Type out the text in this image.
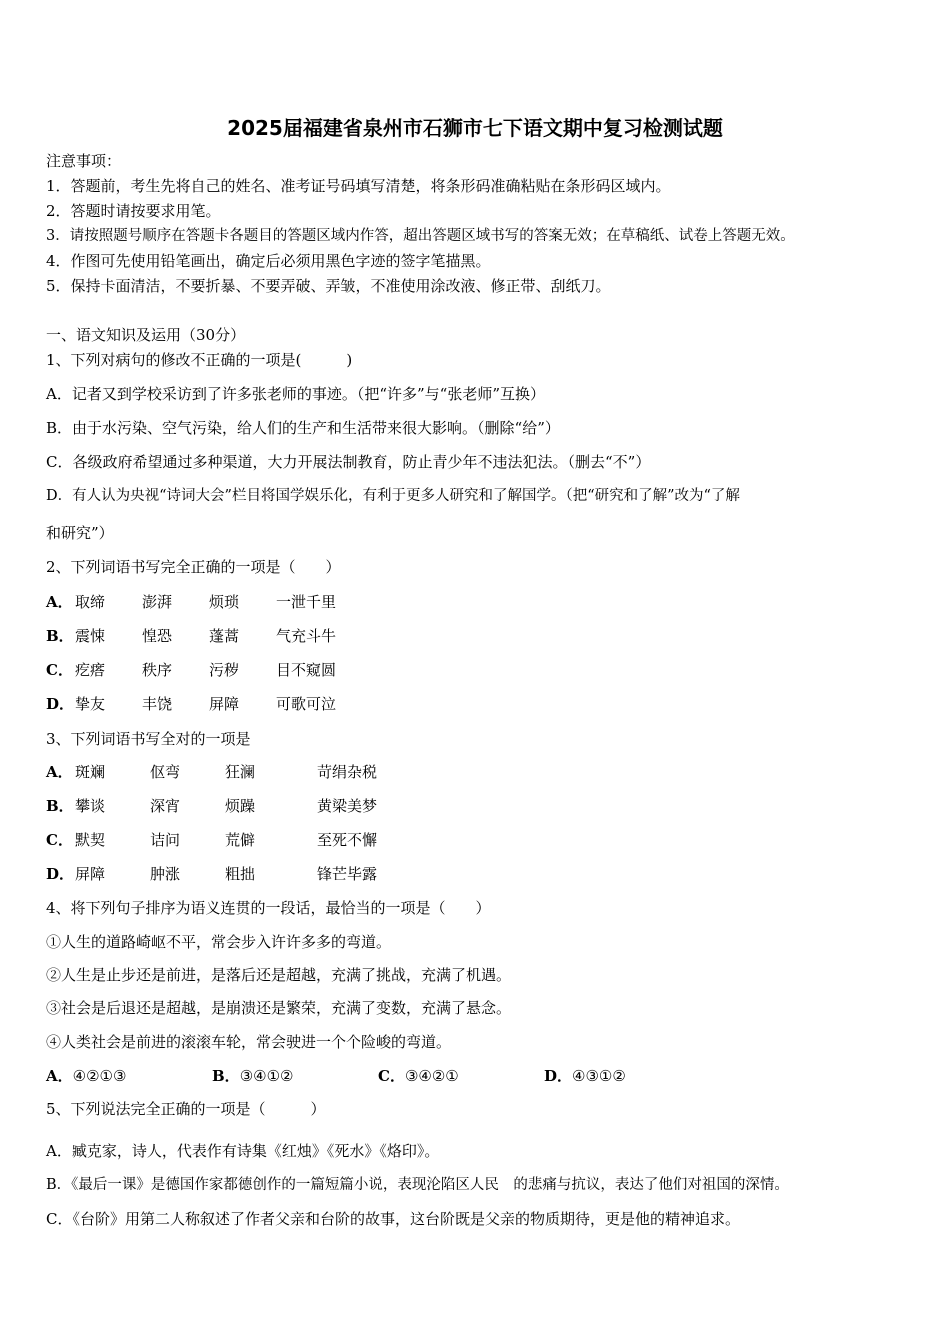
2025届福建省泉州市石狮市七下语文期中复习检测试题
注意事项：
1．答题前，考生先将自己的姓名、准考证号码填写清楚，将条形码准确粘贴在条形码区域内。
2．答题时请按要求用笔。
3．请按照题号顺序在答题卡各题目的答题区域内作答，超出答题区域书写的答案无效；在草稿纸、试卷上答题无效。
4．作图可先使用铅笔画出，确定后必须用黑色字迹的签字笔描黑。
5．保持卡面清洁，不要折暴、不要弄破、弄皱，不准使用涂改液、修正带、刮纸刀。
一、语文知识及运用（30分）
1、下列对病句的修改不正确的一项是(　　　)
A．记者又到学校采访到了许多张老师的事迹。（把“许多”与“张老师”互换）
B．由于水污染、空气污染，给人们的生产和生活带来很大影响。（删除“给”）
C．各级政府希望通过多种渠道，大力开展法制教育，防止青少年不违法犯法。（删去“不”）
D．有人认为央视“诗词大会”栏目将国学娱乐化，有利于更多人研究和了解国学。（把“研究和了解”改为“了解
和研究”）
2、下列词语书写完全正确的一项是（　　）
A． 取缔 澎湃 烦琐 一泄千里
B．震悚 惶恐 蓬蒿 气充斗牛
C． 疙瘩 秩序 污秽 目不窥圆
D．挚友 丰饶 屏障 可歌可泣
3、下列词语书写全对的一项是
A． 斑斓	伛弯	狂澜	苛绢杂税
B．攀谈	深宵	烦躁	黄梁美梦
C． 默契	诘问	荒僻	至死不懈
D．屏障	肿涨	粗拙	锋芒毕露
4、将下列句子排序为语义连贯的一段话，最恰当的一项是（　　）
①人生的道路崎岖不平，常会步入许许多多的弯道。
②人生是止步还是前进，是落后还是超越，充满了挑战，充满了机遇。
③社会是后退还是超越，是崩溃还是繁荣，充满了变数，充满了悬念。
④人类社会是前进的滚滚车轮，常会驶进一个个险峻的弯道。
A．④②①③	B．③④①②	C．③④②①	D．④③①②
5、下列说法完全正确的一项是（　　　）
A．臧克家，诗人，代表作有诗集《红烛》《死水》《烙印》。
B．《最后一课》是德国作家都德创作的一篇短篇小说，表现沦陷区人民　的悲痛与抗议，表达了他们对祖国的深情。
C．《台阶》用第二人称叙述了作者父亲和台阶的故事，这台阶既是父亲的物质期待，更是他的精神追求。
